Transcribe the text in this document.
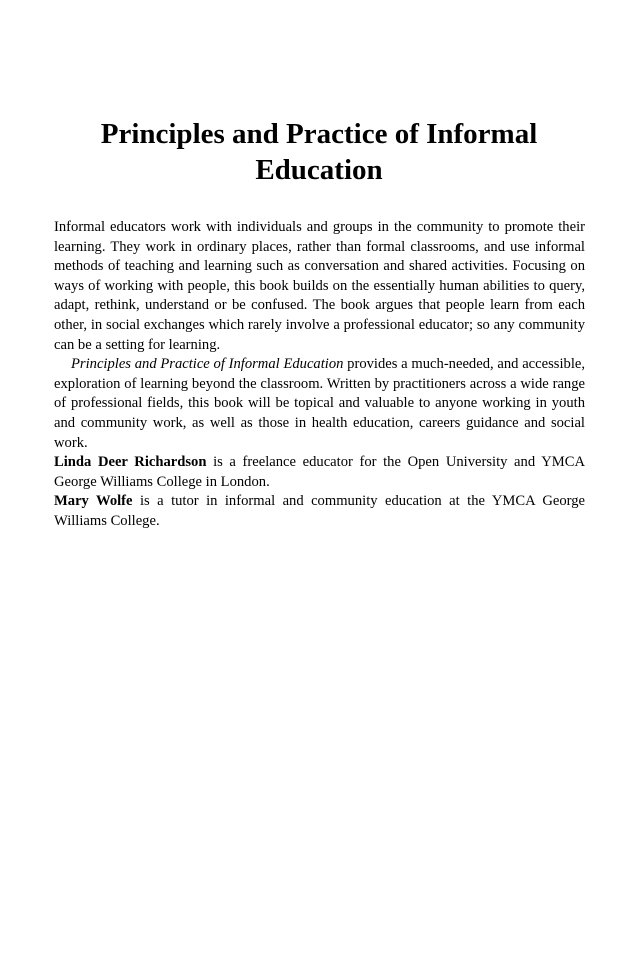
Principles and Practice of Informal
Education

Informal educators work with individuals and groups in the community to promote their learning. They work in ordinary places, rather than formal classrooms, and use informal methods of teaching and learning such as conversation and shared activities. Focusing on ways of working with people, this book builds on the essentially human abilities to query, adapt, rethink, understand or be confused. The book argues that people learn from each other, in social exchanges which rarely involve a professional educator; so any community can be a setting for learning.

Principles and Practice of Informal Education provides a much-needed, and accessible, exploration of learning beyond the classroom. Written by practitioners across a wide range of professional fields, this book will be topical and valuable to anyone working in youth and community work, as well as those in health education, careers guidance and social work.

Linda Deer Richardson is a freelance educator for the Open University and YMCA George Williams College in London.

Mary Wolfe is a tutor in informal and community education at the YMCA George Williams College.
